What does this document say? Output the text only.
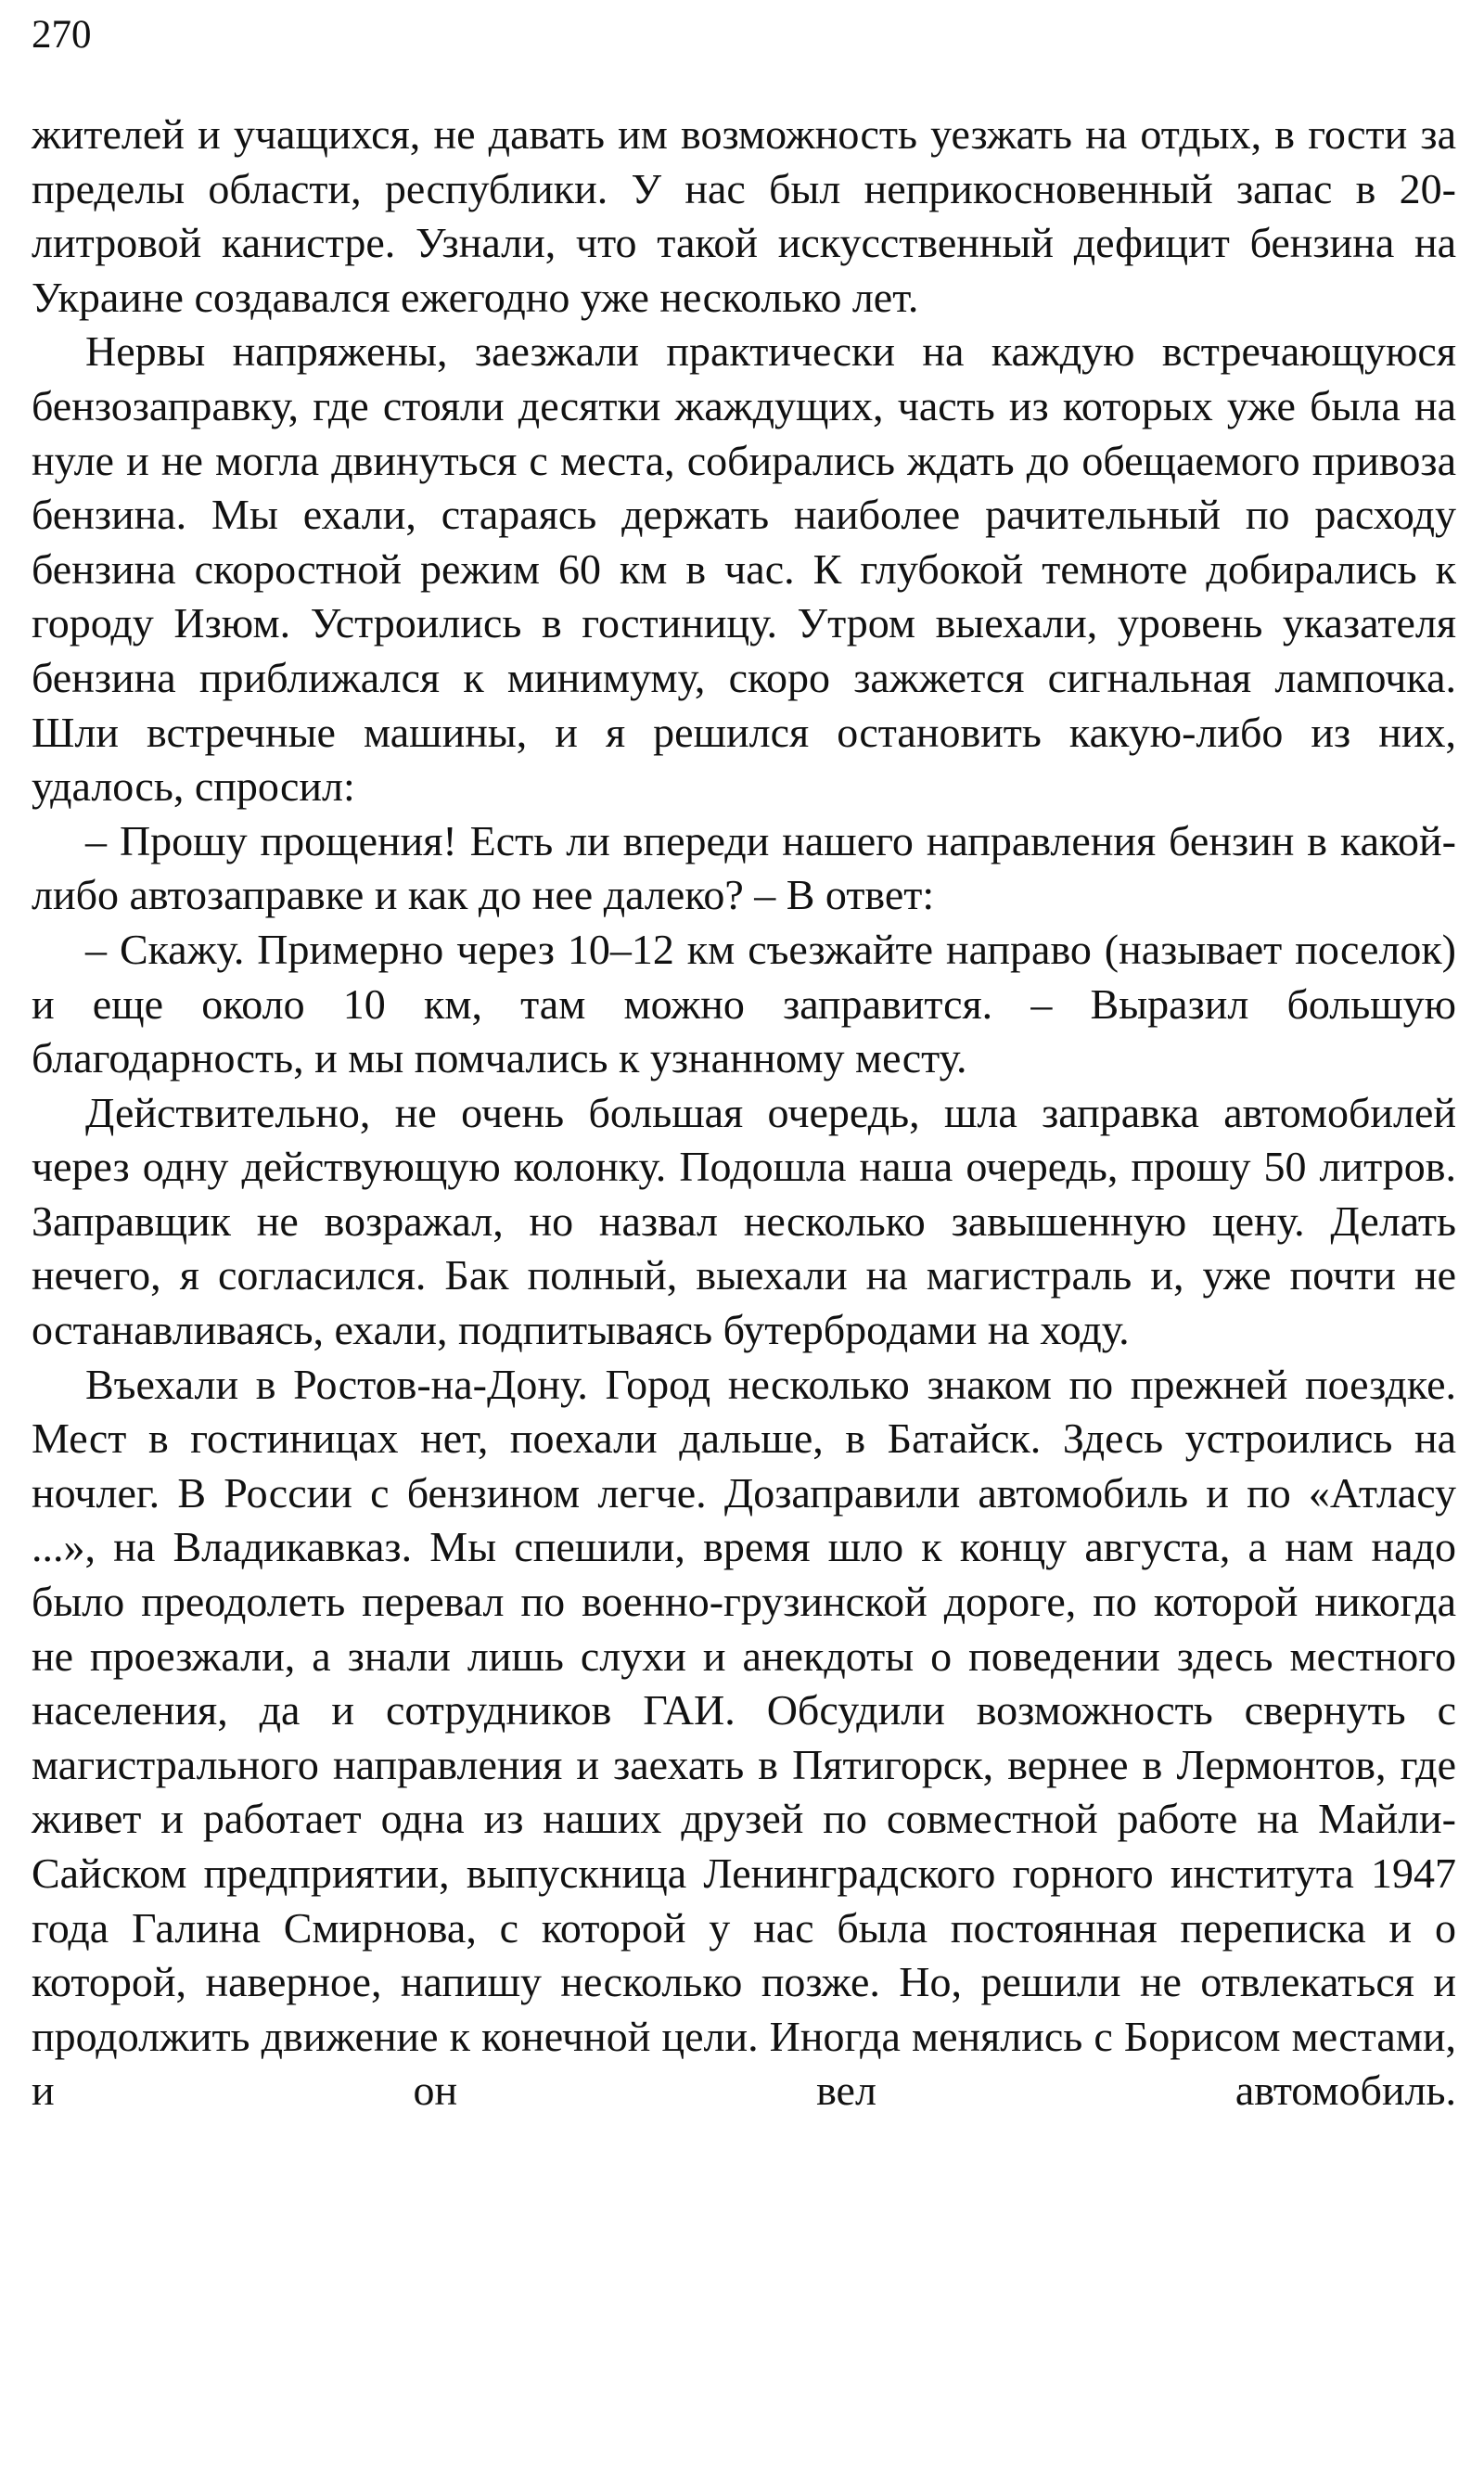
270

жителей и учащихся, не давать им возможность уезжать на отдых, в гости за пределы области, республики. У нас был неприкосновенный запас в 20-литровой канистре. Узнали, что такой искусственный дефицит бензина на Украине создавался ежегодно уже несколько лет.

Нервы напряжены, заезжали практически на каждую встречающуюся бензозаправку, где стояли десятки жаждущих, часть из которых уже была на нуле и не могла двинуться с места, собирались ждать до обещаемого привоза бензина. Мы ехали, стараясь держать наиболее рачительный по расходу бензина скоростной режим 60 км в час. К глубокой темноте добирались к городу Изюм. Устроились в гостиницу. Утром выехали, уровень указателя бензина приближался к минимуму, скоро зажжется сигнальная лампочка. Шли встречные машины, и я решился остановить какую-либо из них, удалось, спросил:

– Прошу прощения! Есть ли впереди нашего направления бензин в какой-либо автозаправке и как до нее далеко? – В ответ:

– Скажу. Примерно через 10–12 км съезжайте направо (называет поселок) и еще около 10 км, там можно заправится. – Выразил большую благодарность, и мы помчались к узнанному месту.

Действительно, не очень большая очередь, шла заправка автомобилей через одну действующую колонку. Подошла наша очередь, прошу 50 литров. Заправщик не возражал, но назвал несколько завышенную цену. Делать нечего, я согласился. Бак полный, выехали на магистраль и, уже почти не останавливаясь, ехали, подпитываясь бутербродами на ходу.

Въехали в Ростов-на-Дону. Город несколько знаком по прежней поездке. Мест в гостиницах нет, поехали дальше, в Батайск. Здесь устроились на ночлег. В России с бензином легче. Дозаправили автомобиль и по «Атласу ...», на Владикавказ. Мы спешили, время шло к концу августа, а нам надо было преодолеть перевал по военно-грузинской дороге, по которой никогда не проезжали, а знали лишь слухи и анекдоты о поведении здесь местного населения, да и сотрудников ГАИ. Обсудили возможность свернуть с магистрального направления и заехать в Пятигорск, вернее в Лермонтов, где живет и работает одна из наших друзей по совместной работе на Майли-Сайском предприятии, выпускница Ленинградского горного института 1947 года Галина Смирнова, с которой у нас была постоянная переписка и о которой, наверное, напишу несколько позже. Но, решили не отвлекаться и продолжить движение к конечной цели. Иногда менялись с Борисом местами, и он вел автомобиль.
